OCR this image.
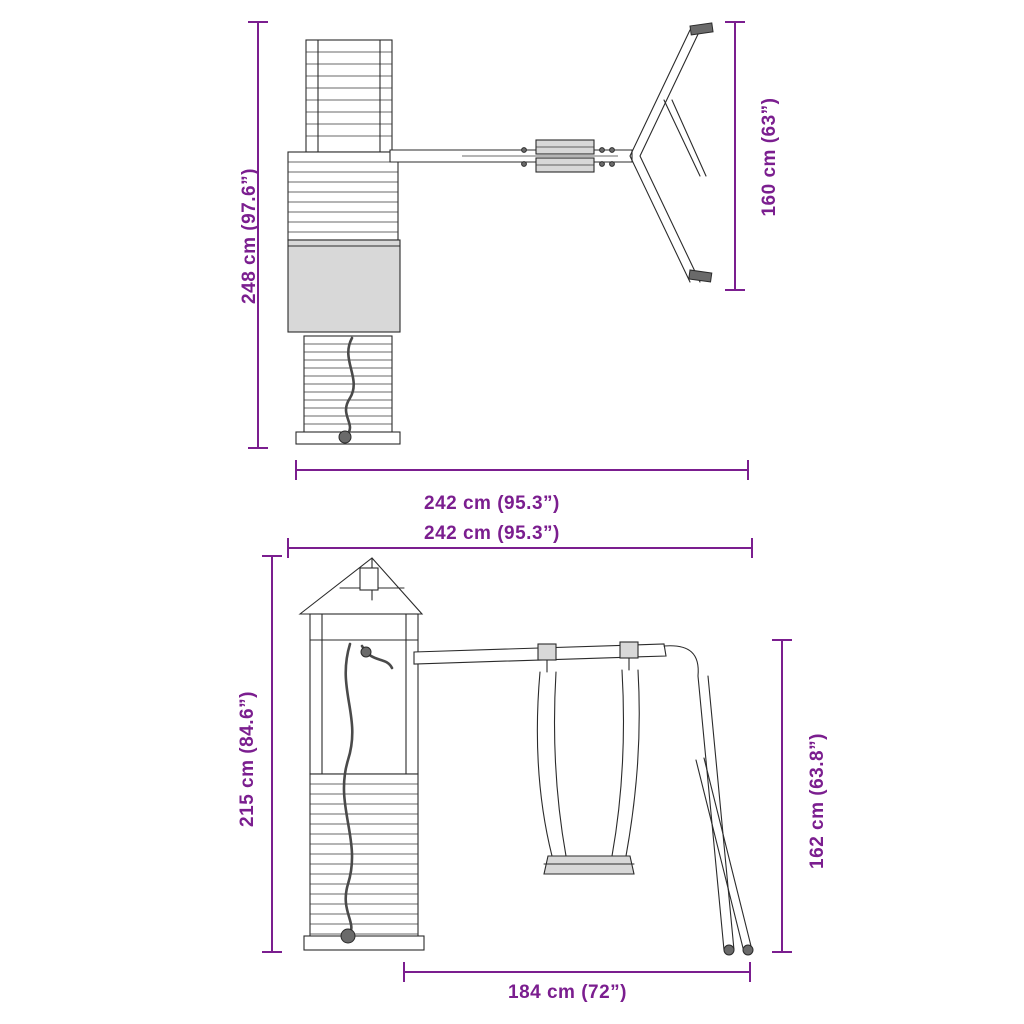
248 cm (97.6”)
160 cm (63”)
242 cm (95.3”)
242 cm (95.3”)
215 cm (84.6”)	162 cm (63.8”)
184 cm (72”)
